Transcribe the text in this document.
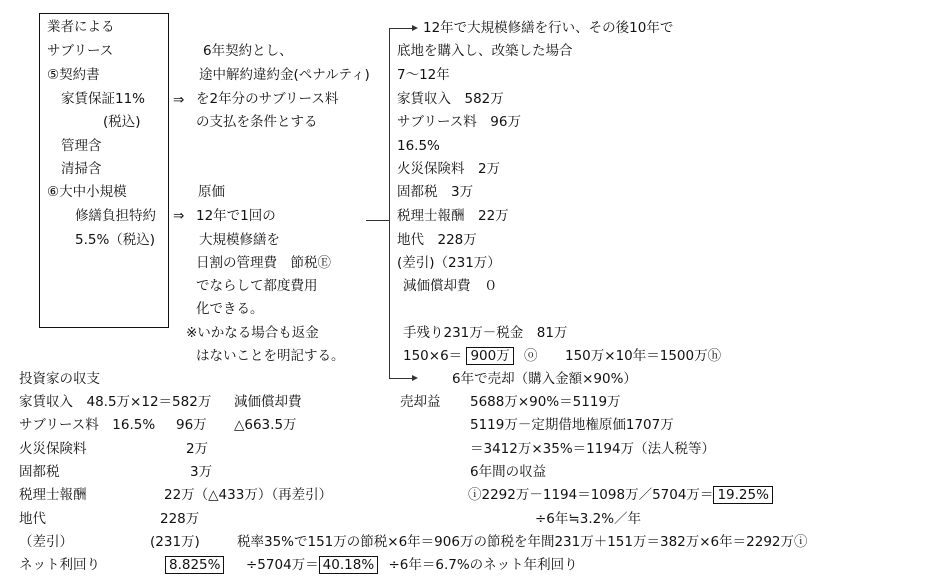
業者による
サブリース
⑤契約書
家賃保証11%
(税込)
管理含
清掃含
⑥大中小規模
修繕負担特約
5.5%（税込)
⇒
⇒
6年契約とし、
途中解約違約金(ペナルティ)
を2年分のサブリース料
の支払を条件とする
原価
12年で1回の
大規模修繕を
日割の管理費　節税Ⓔ
でならして都度費用
化できる。
※いかなる場合も返金
はないことを明記する。
12年で大規模修繕を行い、その後10年で
底地を購入し、改築した場合
7〜12年
家賃収入　582万
サブリース料　96万
16.5%
火災保険料　2万
固都税　3万
税理士報酬　22万
地代　228万
(差引)（231万）
減価償却費　０
手残り231万－税金　81万
150×6＝ 900万 ⓞ 150万×10年＝1500万ⓗ
6年で売却（購入金額×90%）
投資家の収支
家賃収入　48.5万×12＝582万 減価償却費
サブリース料　16.5% 96万 △663.5万
火災保険料	2万
固都税	3万
税理士報酬	22万（△433万）（再差引）
地代	228万
（差引）	(231万)	税率35%で151万の節税×6年＝906万の節税を年間231万＋151万＝382万×6年＝2292万ⓘ
ネット利回り	8.825% ÷5704万＝ 40.18% ÷6年＝6.7%のネット年利回り
売却益 5688万×90%＝5119万
5119万－定期借地権原価1707万
＝3412万×35%＝1194万（法人税等）
6年間の収益
ⓘ2292万－1194＝1098万／5704万＝ 19.25%
÷6年≒3.2%／年
